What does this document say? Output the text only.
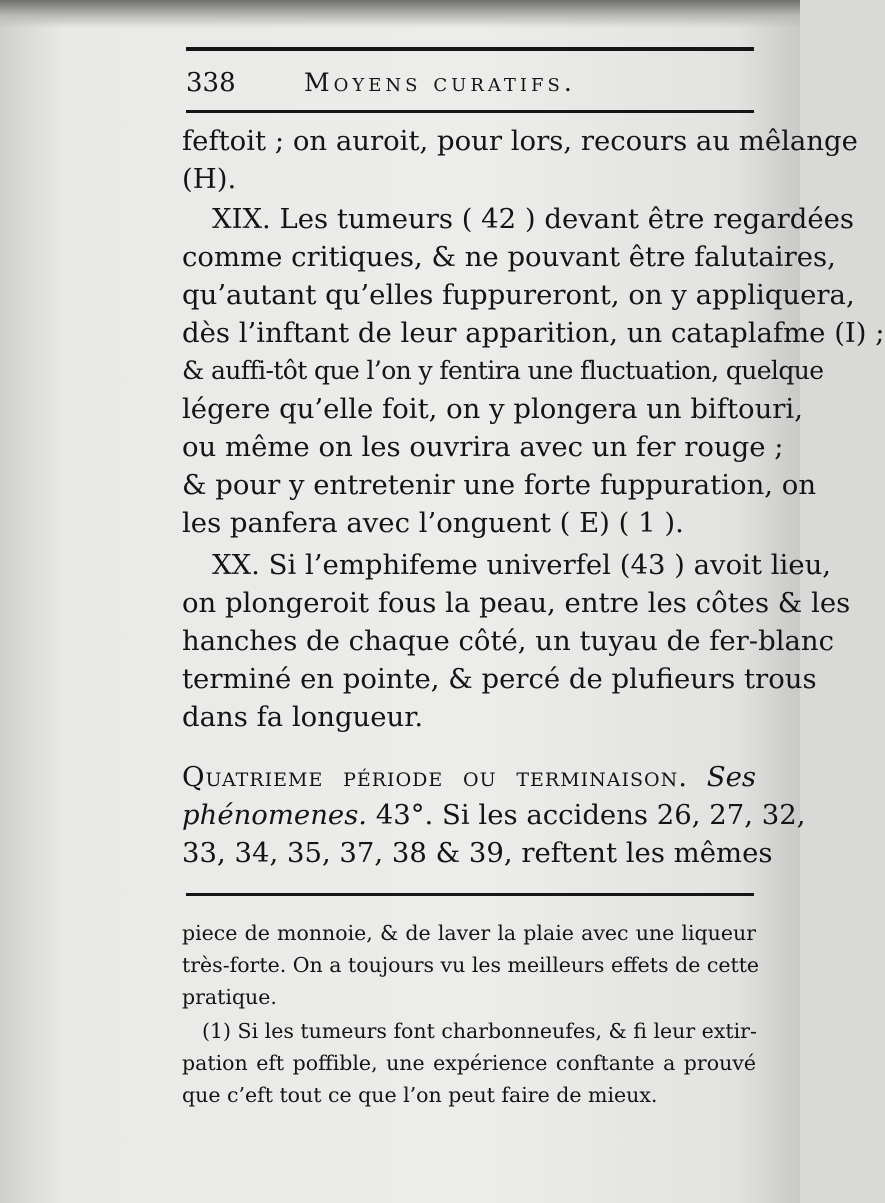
338	Moyens curatifs.
feftoit ; on auroit, pour lors, recours au mêlange
(H).
XIX. Les tumeurs ( 42 ) devant être regardées
comme critiques, & ne pouvant être falutaires,
qu’autant qu’elles fuppureront, on y appliquera,
dès l’inftant de leur apparition, un cataplafme (I) ;
& auffi-tôt que l’on y fentira une fluctuation, quelque
légere qu’elle foit, on y plongera un biftouri,
ou même on les ouvrira avec un fer rouge ;
& pour y entretenir une forte fuppuration, on
les panfera avec l’onguent ( E) ( 1 ).
XX. Si l’emphifeme univerfel (43 ) avoit lieu,
on plongeroit fous la peau, entre les côtes & les
hanches de chaque côté, un tuyau de fer-blanc
terminé en pointe, & percé de plufieurs trous
dans fa longueur.
Quatrieme période ou terminaison. Ses
phénomenes. 43°. Si les accidens 26, 27, 32,
33, 34, 35, 37, 38 & 39, reftent les mêmes
piece de monnoie, & de laver la plaie avec une liqueur
très-forte. On a toujours vu les meilleurs effets de cette
pratique.
(1) Si les tumeurs font charbonneufes, & fi leur extir-
pation eft poffible, une expérience conftante a prouvé
que c’eft tout ce que l’on peut faire de mieux.
